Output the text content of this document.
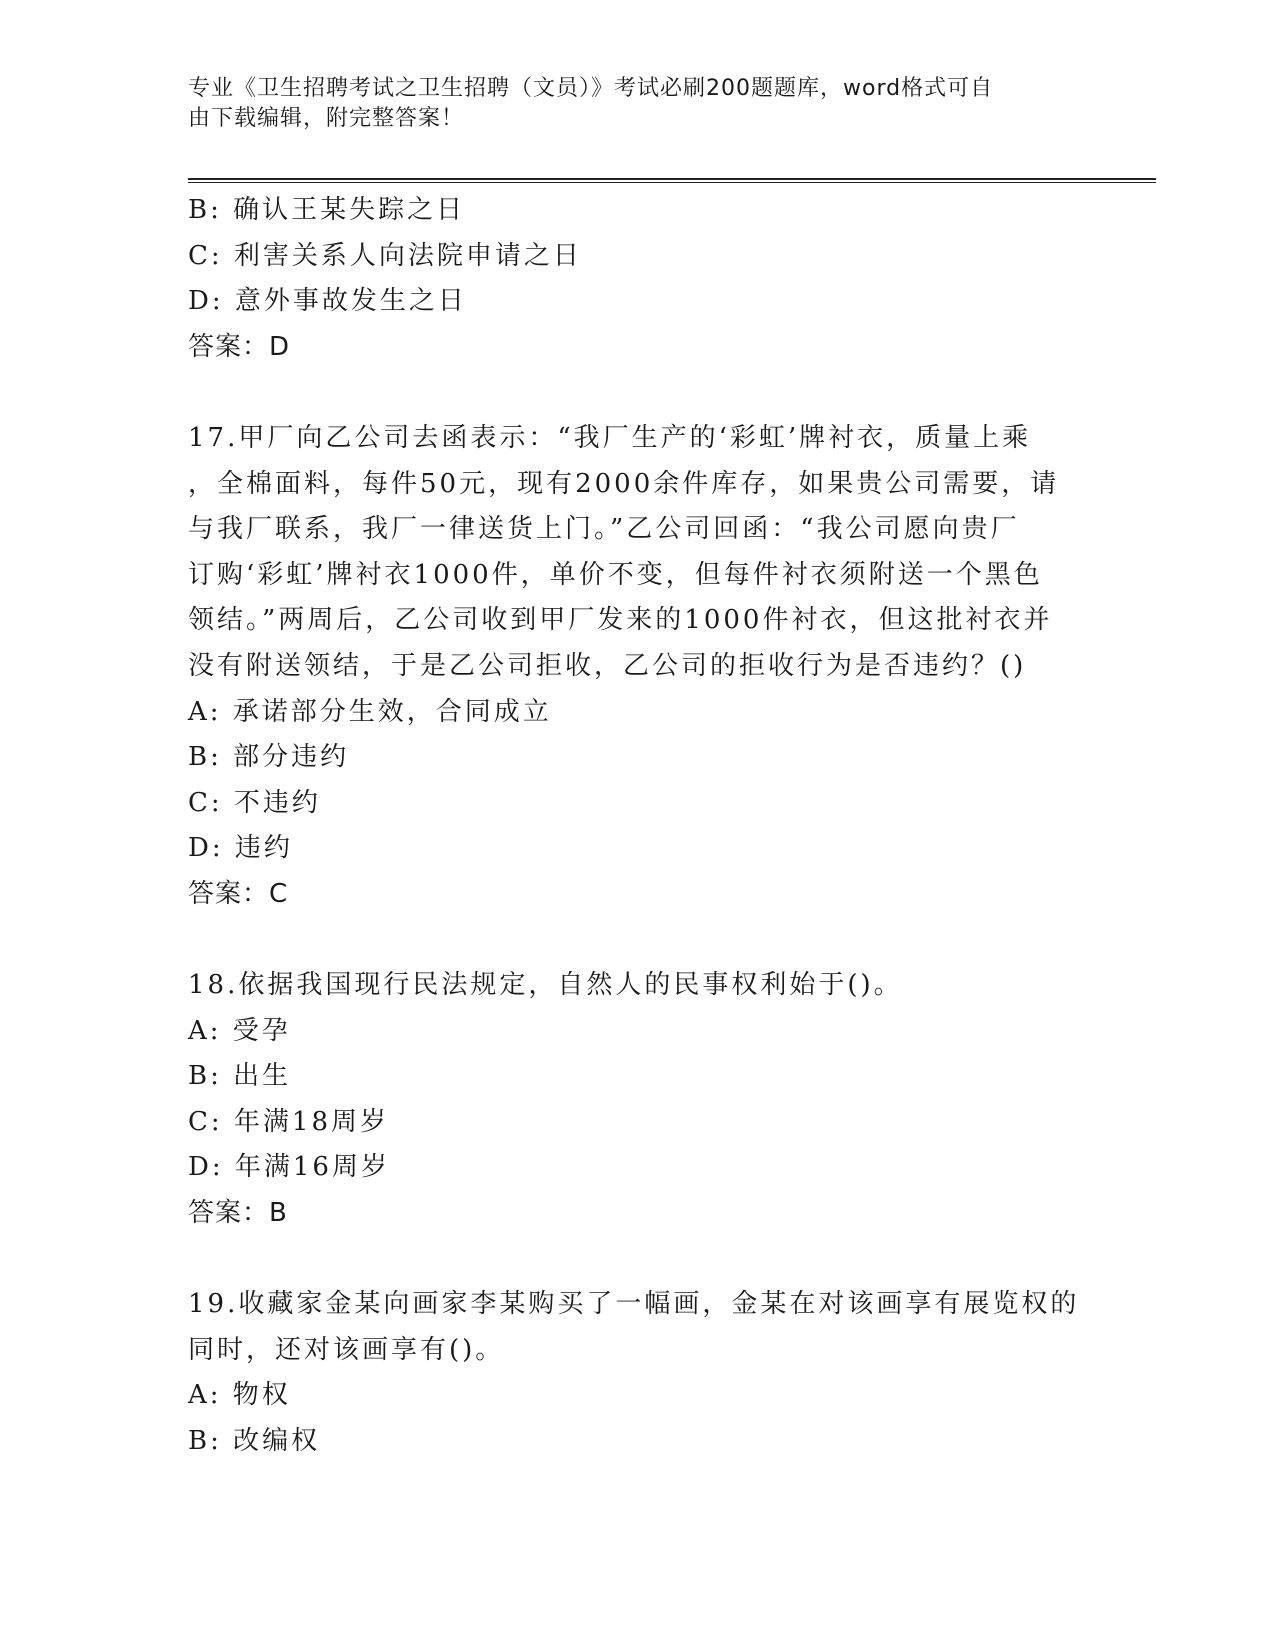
专业《卫生招聘考试之卫生招聘（文员）》考试必刷200题题库，word格式可自
由下载编辑，附完整答案！
B: 确认王某失踪之日
C: 利害关系人向法院申请之日
D: 意外事故发生之日
答案：D
17.甲厂向乙公司去函表示：“我厂生产的‘彩虹’牌衬衣，质量上乘
，全棉面料，每件50元，现有2000余件库存，如果贵公司需要，请
与我厂联系，我厂一律送货上门。”乙公司回函：“我公司愿向贵厂
订购‘彩虹’牌衬衣1000件，单价不变，但每件衬衣须附送一个黑色
领结。”两周后，乙公司收到甲厂发来的1000件衬衣，但这批衬衣并
没有附送领结，于是乙公司拒收，乙公司的拒收行为是否违约？()
A: 承诺部分生效，合同成立
B: 部分违约
C: 不违约
D: 违约
答案：C
18.依据我国现行民法规定，自然人的民事权利始于()。
A: 受孕
B: 出生
C: 年满18周岁
D: 年满16周岁
答案：B
19.收藏家金某向画家李某购买了一幅画，金某在对该画享有展览权的
同时，还对该画享有()。
A: 物权
B: 改编权
